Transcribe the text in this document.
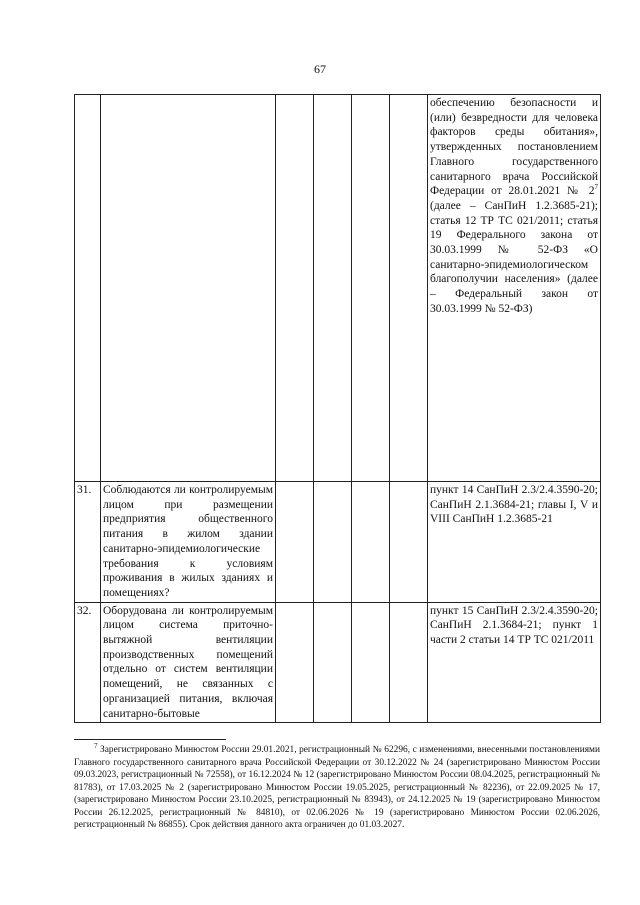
67
						обеспечению безопасности и (или) безвредности для человека факторов среды обитания», утвержденных постановлением Главного государственного санитарного врача Российской Федерации от 28.01.2021 № $2^7$ (далее – СанПиН 1.2.3685-21); статья 12 ТР ТС 021/2011; статья 19 Федерального закона от 30.03.1999 № 52-ФЗ «О санитарно-эпидемиологическом благополучии населения» (далее – Федеральный закон от 30.03.1999 № 52-ФЗ)
31.	Соблюдаются ли контролируемым лицом при размещении предприятия общественного питания в жилом здании санитарно-эпидемиологические требования к условиям проживания в жилых зданиях и помещениях?					пункт 14 СанПиН 2.3/2.4.3590-20; СанПиН 2.1.3684-21; главы I, V и VIII СанПиН 1.2.3685-21
32.	Оборудована ли контролируемым лицом система приточно-вытяжной вентиляции производственных помещений отдельно от систем вентиляции помещений, не связанных с организацией питания, включая санитарно-бытовые					пункт 15 СанПиН 2.3/2.4.3590-20; СанПиН 2.1.3684-21; пункт 1 части 2 статьи 14 ТР ТС 021/2011
$^7$ Зарегистрировано Минюстом России 29.01.2021, регистрационный № 62296, с изменениями, внесенными постановлениями Главного государственного санитарного врача Российской Федерации от 30.12.2022 № 24 (зарегистрировано Минюстом России 09.03.2023, регистрационный № 72558), от 16.12.2024 № 12 (зарегистрировано Минюстом России 08.04.2025, регистрационный № 81783), от 17.03.2025 № 2 (зарегистрировано Минюстом России 19.05.2025, регистрационный № 82236), от 22.09.2025 № 17, (зарегистрировано Минюстом России 23.10.2025, регистрационный № 83943), от 24.12.2025 № 19 (зарегистрировано Минюстом России 26.12.2025, регистрационный № 84810), от 02.06.2026 № 19 (зарегистрировано Минюстом России 02.06.2026, регистрационный № 86855). Срок действия данного акта ограничен до 01.03.2027.
